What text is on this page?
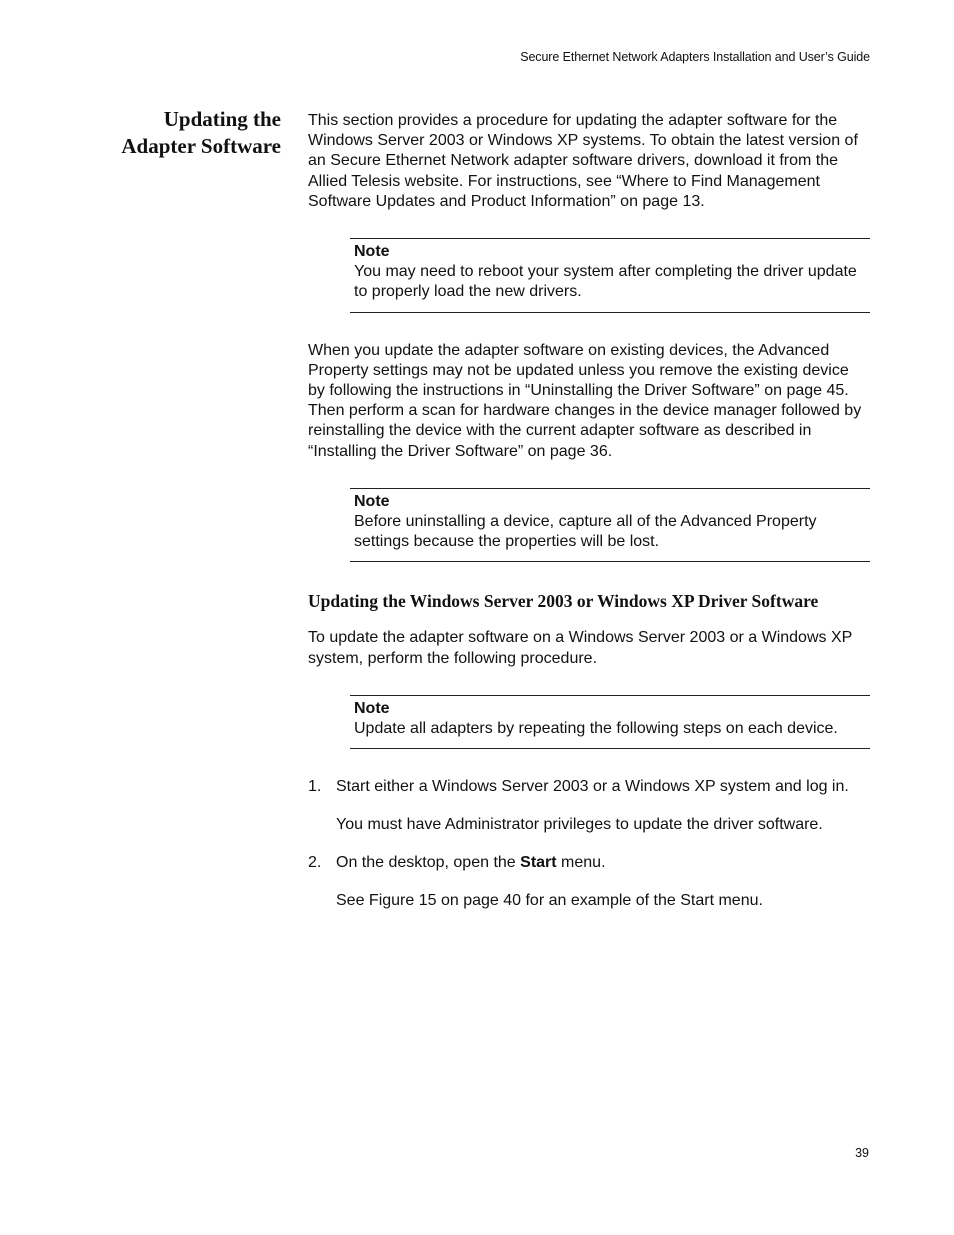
Secure Ethernet Network Adapters Installation and User’s Guide
Updating the
Adapter Software

This section provides a procedure for updating the adapter software for the Windows Server 2003 or Windows XP systems. To obtain the latest version of an Secure Ethernet Network adapter software drivers, download it from the Allied Telesis website. For instructions, see “Where to Find Management Software Updates and Product Information” on page 13.

Note
You may need to reboot your system after completing the driver update to properly load the new drivers.

When you update the adapter software on existing devices, the Advanced Property settings may not be updated unless you remove the existing device by following the instructions in “Uninstalling the Driver Software” on page 45. Then perform a scan for hardware changes in the device manager followed by reinstalling the device with the current adapter software as described in “Installing the Driver Software” on page 36.

Note
Before uninstalling a device, capture all of the Advanced Property settings because the properties will be lost.
Updating the Windows Server 2003 or Windows XP Driver Software

To update the adapter software on a Windows Server 2003 or a Windows XP system, perform the following procedure.

Note
Update all adapters by repeating the following steps on each device.
1. Start either a Windows Server 2003 or a Windows XP system and log in.

You must have Administrator privileges to update the driver software.

2. On the desktop, open the Start menu.

See Figure 15 on page 40 for an example of the Start menu.

39
